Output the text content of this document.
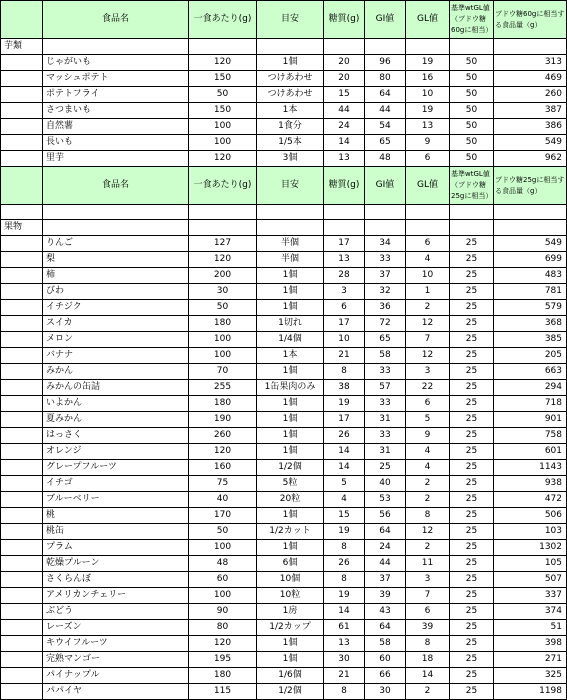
	食品名	一食あたり(g)	目安	糖質(g)	GI値	GL値	基準wtGL値（ブドウ糖60gに相当）	ブドウ糖60gに相当する食品量（g）
芋類								
	じゃがいも	120	1個	20	96	19	50	313
	マッシュポテト	150	つけあわせ	20	80	16	50	469
	ポテトフライ	50	つけあわせ	15	64	10	50	260
	さつまいも	150	1本	44	44	19	50	387
	自然薯	100	1食分	24	54	13	50	386
	長いも	100	1/5本	14	65	9	50	549
	里芋	120	3個	13	48	6	50	962
	食品名	一食あたり(g)	目安	糖質(g)	GI値	GL値	基準wtGL値（ブドウ糖25gに相当）	ブドウ糖25gに相当する食品量（g）

果物								
	りんご	127	半個	17	34	6	25	549
	梨	120	半個	13	33	4	25	699
	柿	200	1個	28	37	10	25	483
	びわ	30	1個	3	32	1	25	781
	イチジク	50	1個	6	36	2	25	579
	スイカ	180	1切れ	17	72	12	25	368
	メロン	100	1/4個	10	65	7	25	385
	バナナ	100	1本	21	58	12	25	205
	みかん	70	1個	8	33	3	25	663
	みかんの缶詰	255	1缶果肉のみ	38	57	22	25	294
	いよかん	180	1個	19	33	6	25	718
	夏みかん	190	1個	17	31	5	25	901
	はっさく	260	1個	26	33	9	25	758
	オレンジ	120	1個	14	31	4	25	601
	グレープフルーツ	160	1/2個	14	25	4	25	1143
	イチゴ	75	5粒	5	40	2	25	938
	ブルーベリー	40	20粒	4	53	2	25	472
	桃	170	1個	15	56	8	25	506
	桃缶	50	1/2カット	19	64	12	25	103
	プラム	100	1個	8	24	2	25	1302
	乾燥プルーン	48	6個	26	44	11	25	105
	さくらんぼ	60	10個	8	37	3	25	507
	アメリカンチェリー	100	10粒	19	39	7	25	337
	ぶどう	90	1房	14	43	6	25	374
	レーズン	80	1/2カップ	61	64	39	25	51
	キウイフルーツ	120	1個	13	58	8	25	398
	完熟マンゴー	195	1個	30	60	18	25	271
	パイナップル	180	1/6個	21	66	14	25	325
	パパイヤ	115	1/2個	8	30	2	25	1198
